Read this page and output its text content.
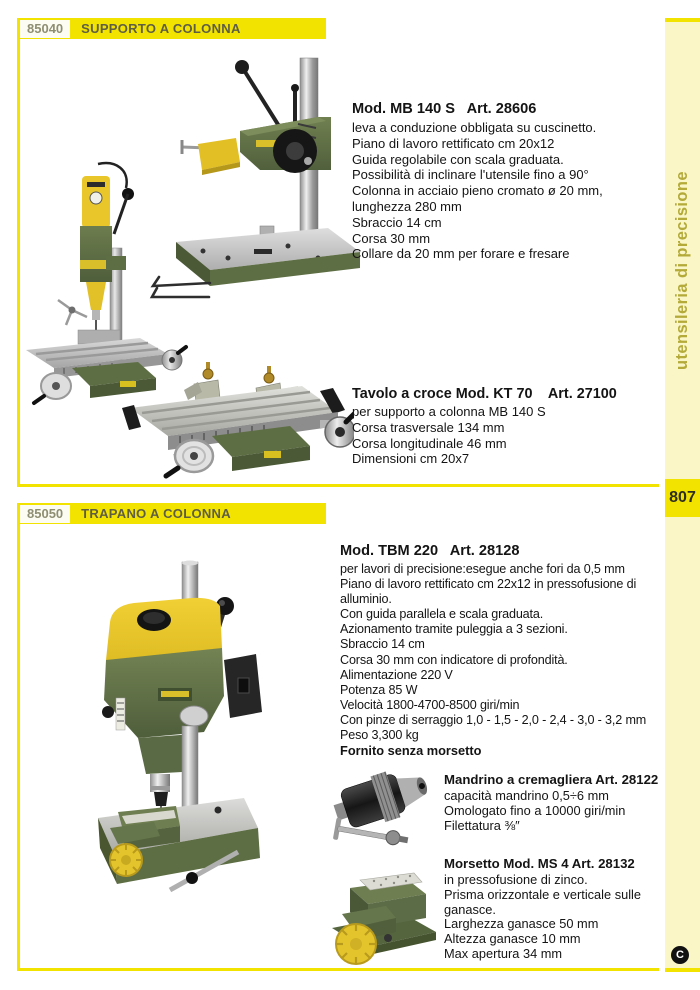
85040	SUPPORTO A COLONNA
85050	TRAPANO A COLONNA
utensileria di precisione
807
C
Mod. MB 140 S   Art. 28606
leva a conduzione obbligata su cuscinetto.
Piano di lavoro rettificato cm 20x12
Guida regolabile con scala graduata.
Possibilità di inclinare l'utensile fino a 90°
Colonna in acciaio pieno cromato ø 20 mm,
lunghezza 280 mm
Sbraccio 14 cm
Corsa 30 mm
Collare da 20 mm per forare e fresare
Tavolo a croce Mod. KT 70    Art. 27100
per supporto a colonna MB 140 S
Corsa trasversale 134 mm
Corsa longitudinale 46 mm
Dimensioni cm 20x7
Mod. TBM 220   Art. 28128
per lavori di precisione:esegue anche fori da 0,5 mm
Piano di lavoro rettificato cm 22x12 in pressofusione di alluminio.
Con guida parallela e scala graduata.
Azionamento tramite puleggia a 3 sezioni.
Sbraccio 14 cm
Corsa 30 mm con indicatore di profondità.
Alimentazione 220 V
Potenza 85 W
Velocità 1800-4700-8500 giri/min
Con pinze di serraggio 1,0 - 1,5 - 2,0 - 2,4 - 3,0 - 3,2 mm
Peso 3,300 kg
Fornito senza morsetto
Mandrino a cremagliera Art. 28122
capacità mandrino 0,5÷6 mm
Omologato fino a 10000 giri/min
Filettatura ⅜″
Morsetto Mod. MS 4 Art. 28132
in pressofusione di zinco.
Prisma orizzontale e verticale sulle ganasce.
Larghezza ganasce 50 mm
Altezza ganasce 10 mm
Max apertura 34 mm
